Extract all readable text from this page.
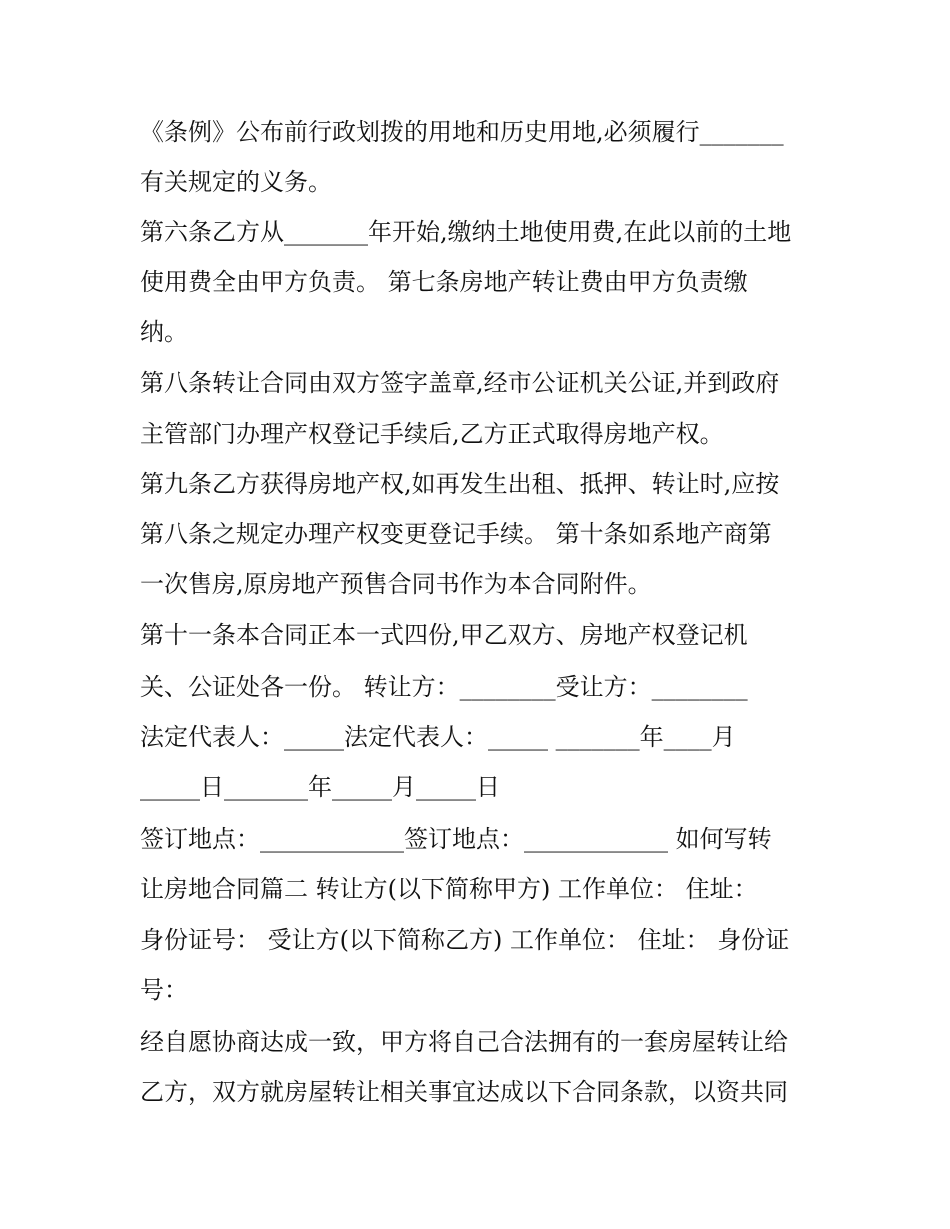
《条例》公布前行政划拨的用地和历史用地,必须履行_______
有关规定的义务。
第六条乙方从_______年开始,缴纳土地使用费,在此以前的土地
使用费全由甲方负责。 第七条房地产转让费由甲方负责缴
纳。
第八条转让合同由双方签字盖章,经市公证机关公证,并到政府
主管部门办理产权登记手续后,乙方正式取得房地产权。
第九条乙方获得房地产权,如再发生出租、抵押、转让时,应按
第八条之规定办理产权变更登记手续。 第十条如系地产商第
一次售房,原房地产预售合同书作为本合同附件。
第十一条本合同正本一式四份,甲乙双方、房地产权登记机
关、公证处各一份。 转让方：________受让方：________
法定代表人：_____法定代表人：_____ _______年____月
_____日_______年_____月_____日
签订地点：____________签订地点：____________ 如何写转
让房地合同篇二 转让方(以下简称甲方) 工作单位： 住址：
身份证号： 受让方(以下简称乙方) 工作单位： 住址： 身份证
号：
经自愿协商达成一致，甲方将自己合法拥有的一套房屋转让给
乙方，双方就房屋转让相关事宜达成以下合同条款，以资共同
